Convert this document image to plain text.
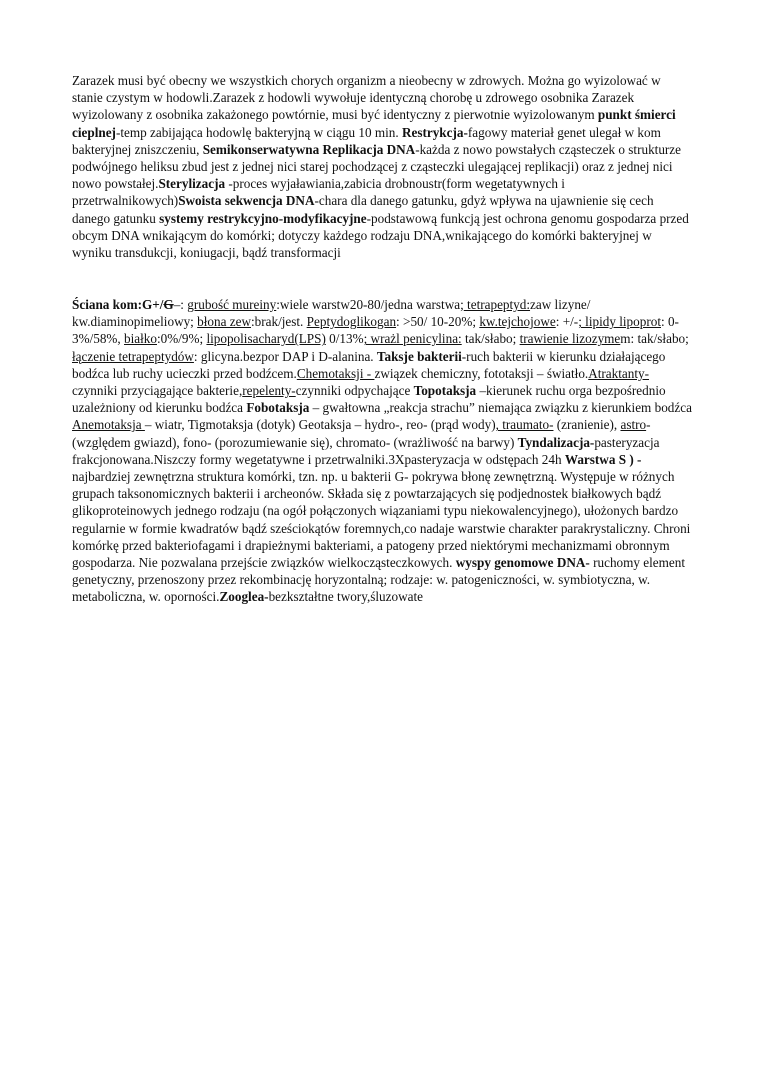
Zarazek musi być obecny we wszystkich chorych organizm a nieobecny w zdrowych. Można go wyizolować w stanie czystym w hodowli.Zarazek z hodowli wywołuje identyczną chorobę u zdrowego osobnika Zarazek wyizolowany z osobnika zakażonego powtórnie, musi być identyczny z pierwotnie wyizolowanym punkt śmierci cieplnej-temp zabijająca hodowlę bakteryjną w ciągu 10 min. Restrykcja-fagowy materiał genet ulegał w kom bakteryjnej zniszczeniu, Semikonserwatywna Replikacja DNA-każda z nowo powstałych cząsteczek o strukturze podwójnego heliksu zbud jest z jednej nici starej pochodzącej z cząsteczki ulegającej replikacji) oraz z jednej nici nowo powstałej.Sterylizacja -proces wyjaławiania,zabicia drobnoustr(form wegetatywnych i przetrwalnikowych)Swoista sekwencja DNA-chara dla danego gatunku, gdyż wpływa na ujawnienie się cech danego gatunku systemy restrykcyjno-modyfikacyjne-podstawową funkcją jest ochrona genomu gospodarza przed obcym DNA wnikającym do komórki; dotyczy każdego rodzaju DNA,wnikającego do komórki bakteryjnej w wyniku transdukcji, koniugacji, bądź transformacji

Ściana kom:G+/G–: grubość mureiny:wiele warstw20-80/jedna warstwa; tetrapeptyd:zaw lizyne/ kw.diaminopimeliowy; błona zew:brak/jest. Peptydoglikogan: >50/ 10-20%; kw.tejchojowe: +/-; lipidy lipoprot: 0-3%/58%, białko:0%/9%; lipopolisacharyd(LPS) 0/13%; wrażl penicylina: tak/słabo; trawienie lizozymem: tak/słabo; łączenie tetrapeptydów: glicyna.bezpor DAP i D-alanina. Taksje bakterii-ruch bakterii w kierunku działającego bodźca lub ruchy ucieczki przed bodźcem.Chemotaksji - związek chemiczny, fototaksji – światło.Atraktanty-czynniki przyciągające bakterie,repelenty-czynniki odpychające Topotaksja –kierunek ruchu orga bezpośrednio uzależniony od kierunku bodźca Fobotaksja – gwałtowna „reakcja strachu” niemająca związku z kierunkiem bodźca Anemotaksja – wiatr, Tigmotaksja (dotyk) Geotaksja – hydro-, reo- (prąd wody), traumato- (zranienie), astro- (względem gwiazd), fono- (porozumiewanie się), chromato- (wrażliwość na barwy) Tyndalizacja-pasteryzacja frakcjonowana.Niszczy formy wegetatywne i przetrwalniki.3Xpasteryzacja w odstępach 24h Warstwa S ) - najbardziej zewnętrzna struktura komórki, tzn. np. u bakterii G- pokrywa błonę zewnętrzną. Występuje w różnych grupach taksonomicznych bakterii i archeonów. Składa się z powtarzających się podjednostek białkowych bądź glikoproteinowych jednego rodzaju (na ogół połączonych wiązaniami typu niekowalencyjnego), ułożonych bardzo regularnie w formie kwadratów bądź sześciokątów foremnych,co nadaje warstwie charakter parakrystaliczny. Chroni komórkę przed bakteriofagami i drapieżnymi bakteriami, a patogeny przed niektórymi mechanizmami obronnym gospodarza. Nie pozwalana przejście związków wielkocząsteczkowych. wyspy genomowe DNA- ruchomy element genetyczny, przenoszony przez rekombinację horyzontalną; rodzaje: w. patogeniczności, w. symbiotyczna, w. metaboliczna, w. oporności.Zooglea-bezkształtne twory,śluzowate
